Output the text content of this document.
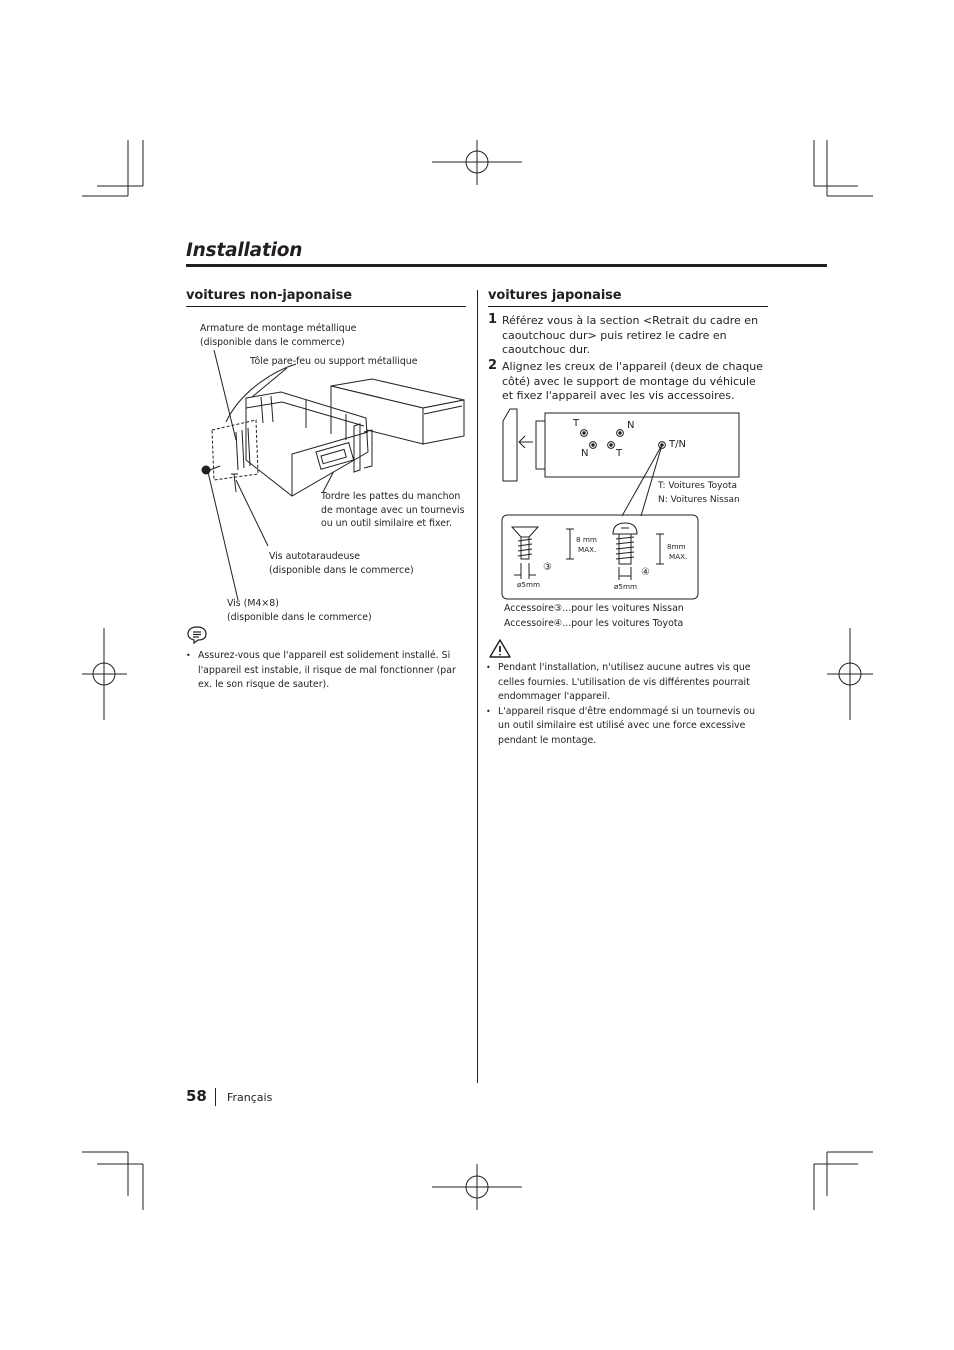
Installation
voitures non-japonaise
Armature de montage métallique
(disponible dans le commerce)
Tôle pare-feu ou support métallique
Tordre les pattes du manchon
de montage avec un tournevis
ou un outil similaire et fixer.
Vis autotaraudeuse
(disponible dans le commerce)
Vis (M4×8)
(disponible dans le commerce)
• Assurez-vous que l'appareil est solidement installé. Si l'appareil est instable, il risque de mal fonctionner (par ex. le son risque de sauter).
voitures japonaise
1 Référez vous à la section <Retrait du cadre en caoutchouc dur> puis retirez le cadre en caoutchouc dur.
2 Alignez les creux de l'appareil (deux de chaque côté) avec le support de montage du véhicule et fixez l'appareil avec les vis accessoires.
T	N
N	T
T/N
T: Voitures Toyota
N: Voitures Nissan
8 mm
MAX.
③
ø5mm
8mm
MAX.
④
ø5mm
Accessoire③...pour les voitures Nissan
Accessoire④...pour les voitures Toyota
• Pendant l'installation, n'utilisez aucune autres vis que celles fournies. L'utilisation de vis différentes pourrait endommager l'appareil.
• L'appareil risque d'être endommagé si un tournevis ou un outil similaire est utilisé avec une force excessive pendant le montage.
58 Français
